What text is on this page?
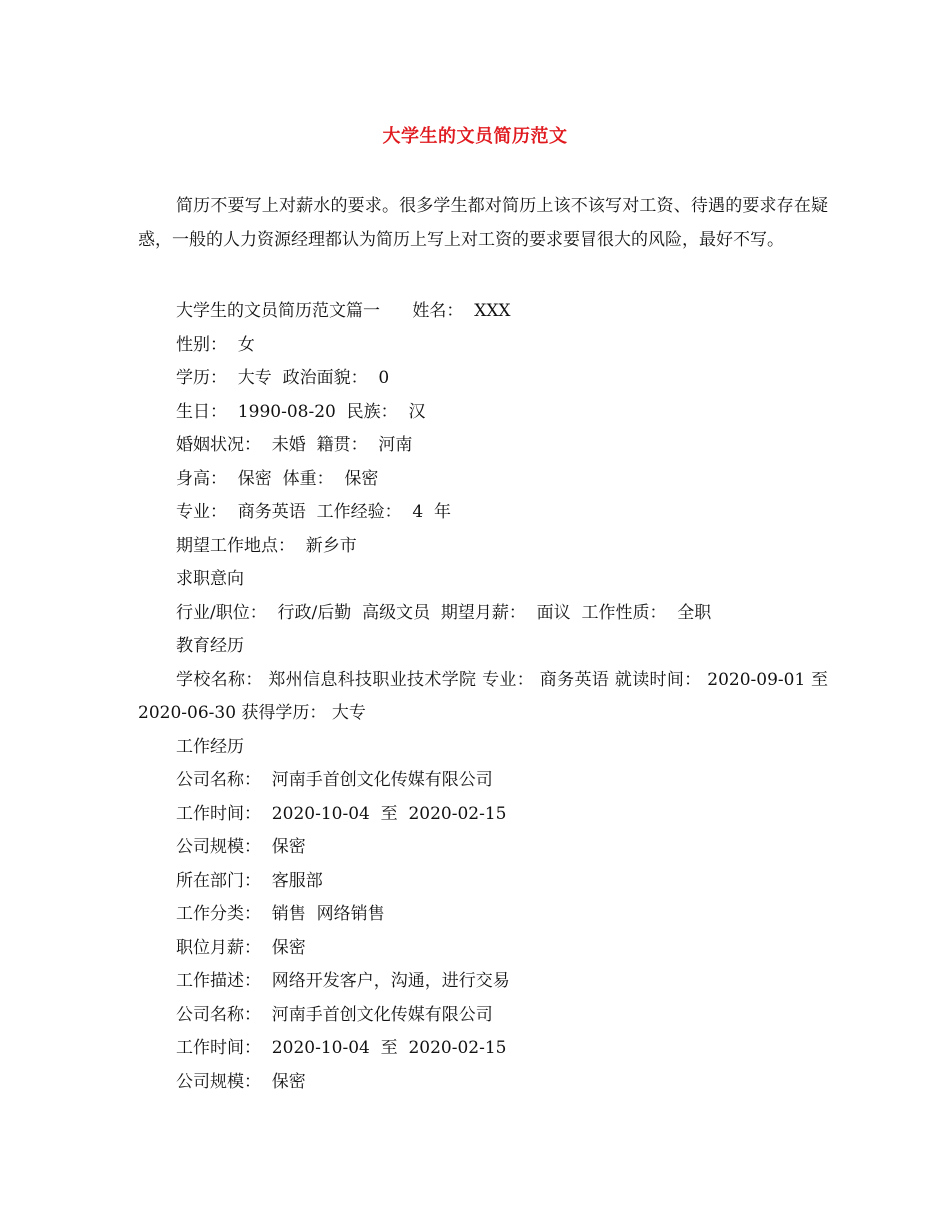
大学生的文员简历范文

简历不要写上对薪水的要求。很多学生都对简历上该不该写对工资、待遇的要求存在疑惑，一般的人力资源经理都认为简历上写上对工资的要求要冒很大的风险，最好不写。

大学生的文员简历范文篇一      姓名：  XXX
性别：  女
学历：  大专  政治面貌：  0
生日：  1990-08-20  民族：  汉
婚姻状况：  未婚  籍贯：  河南
身高：  保密  体重：  保密
专业：  商务英语  工作经验：  4  年
期望工作地点：  新乡市
求职意向
行业/职位：  行政/后勤  高级文员  期望月薪：  面议  工作性质：  全职
教育经历
学校名称： 郑州信息科技职业技术学院 专业： 商务英语 就读时间： 2020-09-01 至 2020-06-30 获得学历： 大专
工作经历
公司名称：  河南手首创文化传媒有限公司
工作时间：  2020-10-04  至  2020-02-15
公司规模：  保密
所在部门：  客服部
工作分类：  销售  网络销售
职位月薪：  保密
工作描述：  网络开发客户，沟通，进行交易
公司名称：  河南手首创文化传媒有限公司
工作时间：  2020-10-04  至  2020-02-15
公司规模：  保密
